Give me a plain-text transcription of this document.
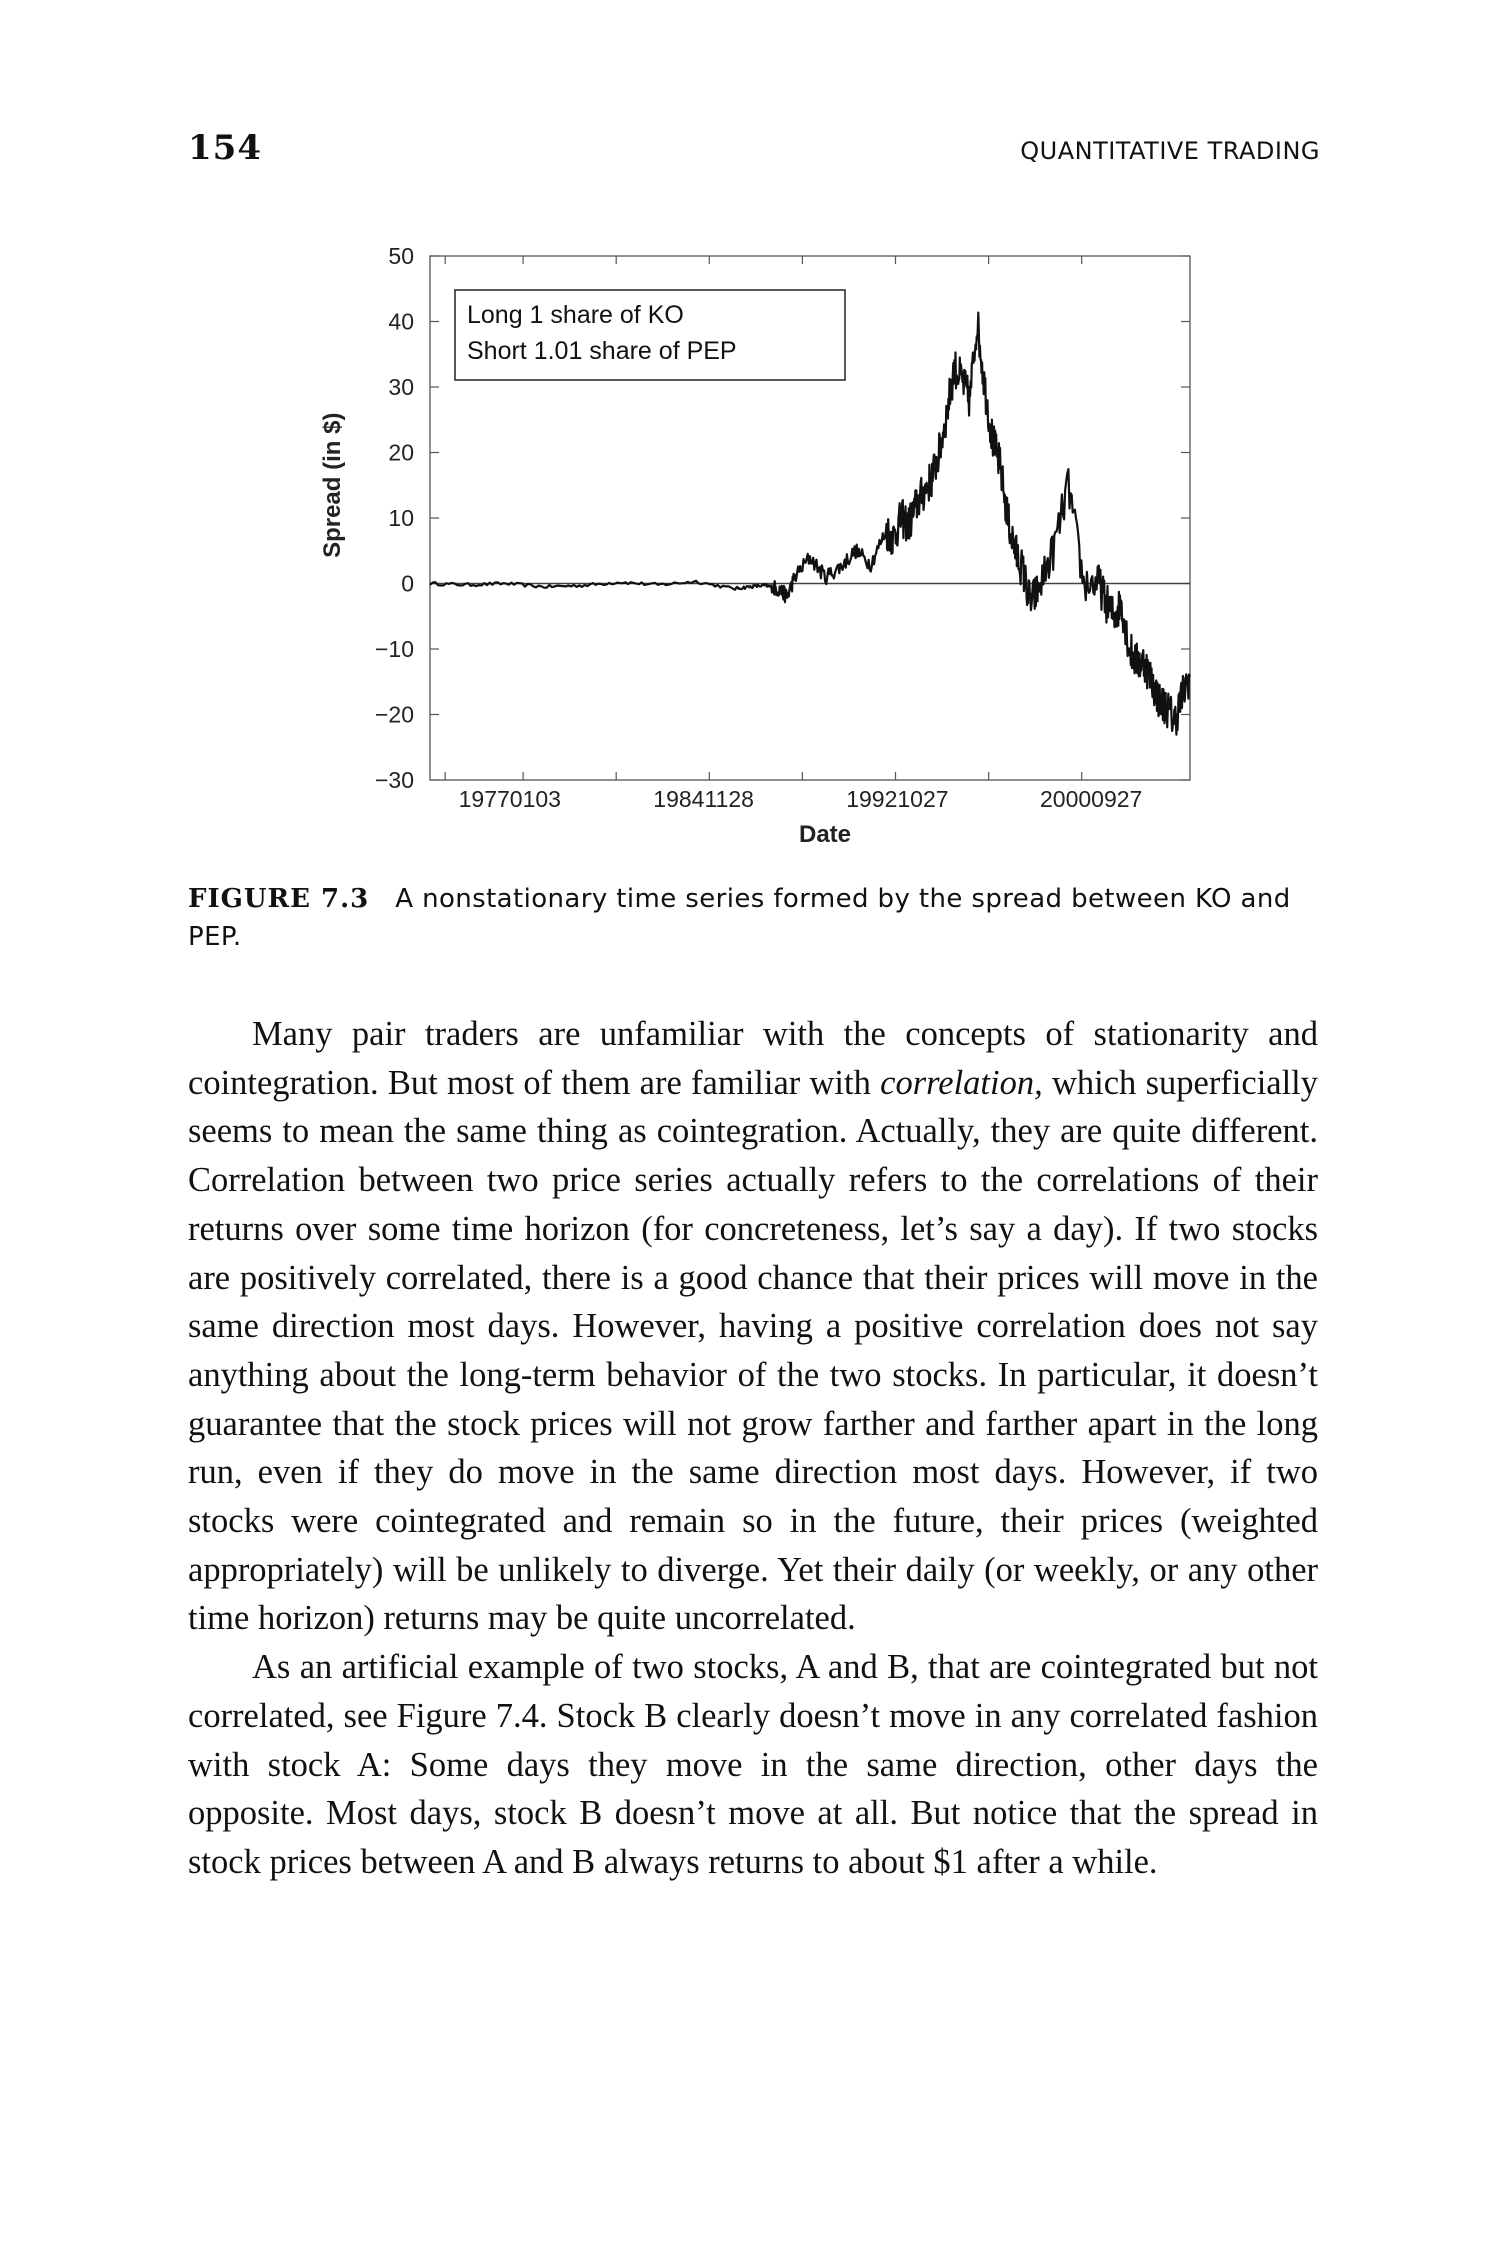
154	QUANTITATIVE TRADING
50
40
30
20
10
0
−10
−20
−30
19770103	19841128	19921027	20000927
Date
Spread (in $)
Long 1 share of KO
Short 1.01 share of PEP
FIGURE 7.3 A nonstationary time series formed by the spread between KO and PEP.

Many pair traders are unfamiliar with the concepts of stationarity and cointegration. But most of them are familiar with correlation, which superficially seems to mean the same thing as cointegration. Actually, they are quite different. Correlation between two price series actually refers to the correlations of their returns over some time horizon (for concreteness, let’s say a day). If two stocks are positively correlated, there is a good chance that their prices will move in the same direction most days. However, having a positive correlation does not say anything about the long-term behavior of the two stocks. In particular, it doesn’t guarantee that the stock prices will not grow farther and farther apart in the long run, even if they do move in the same direction most days. However, if two stocks were cointegrated and remain so in the future, their prices (weighted appropriately) will be unlikely to diverge. Yet their daily (or weekly, or any other time horizon) returns may be quite uncorrelated.

As an artificial example of two stocks, A and B, that are cointegrated but not correlated, see Figure 7.4. Stock B clearly doesn’t move in any correlated fashion with stock A: Some days they move in the same direction, other days the opposite. Most days, stock B doesn’t move at all. But notice that the spread in stock prices between A and B always returns to about $1 after a while.
